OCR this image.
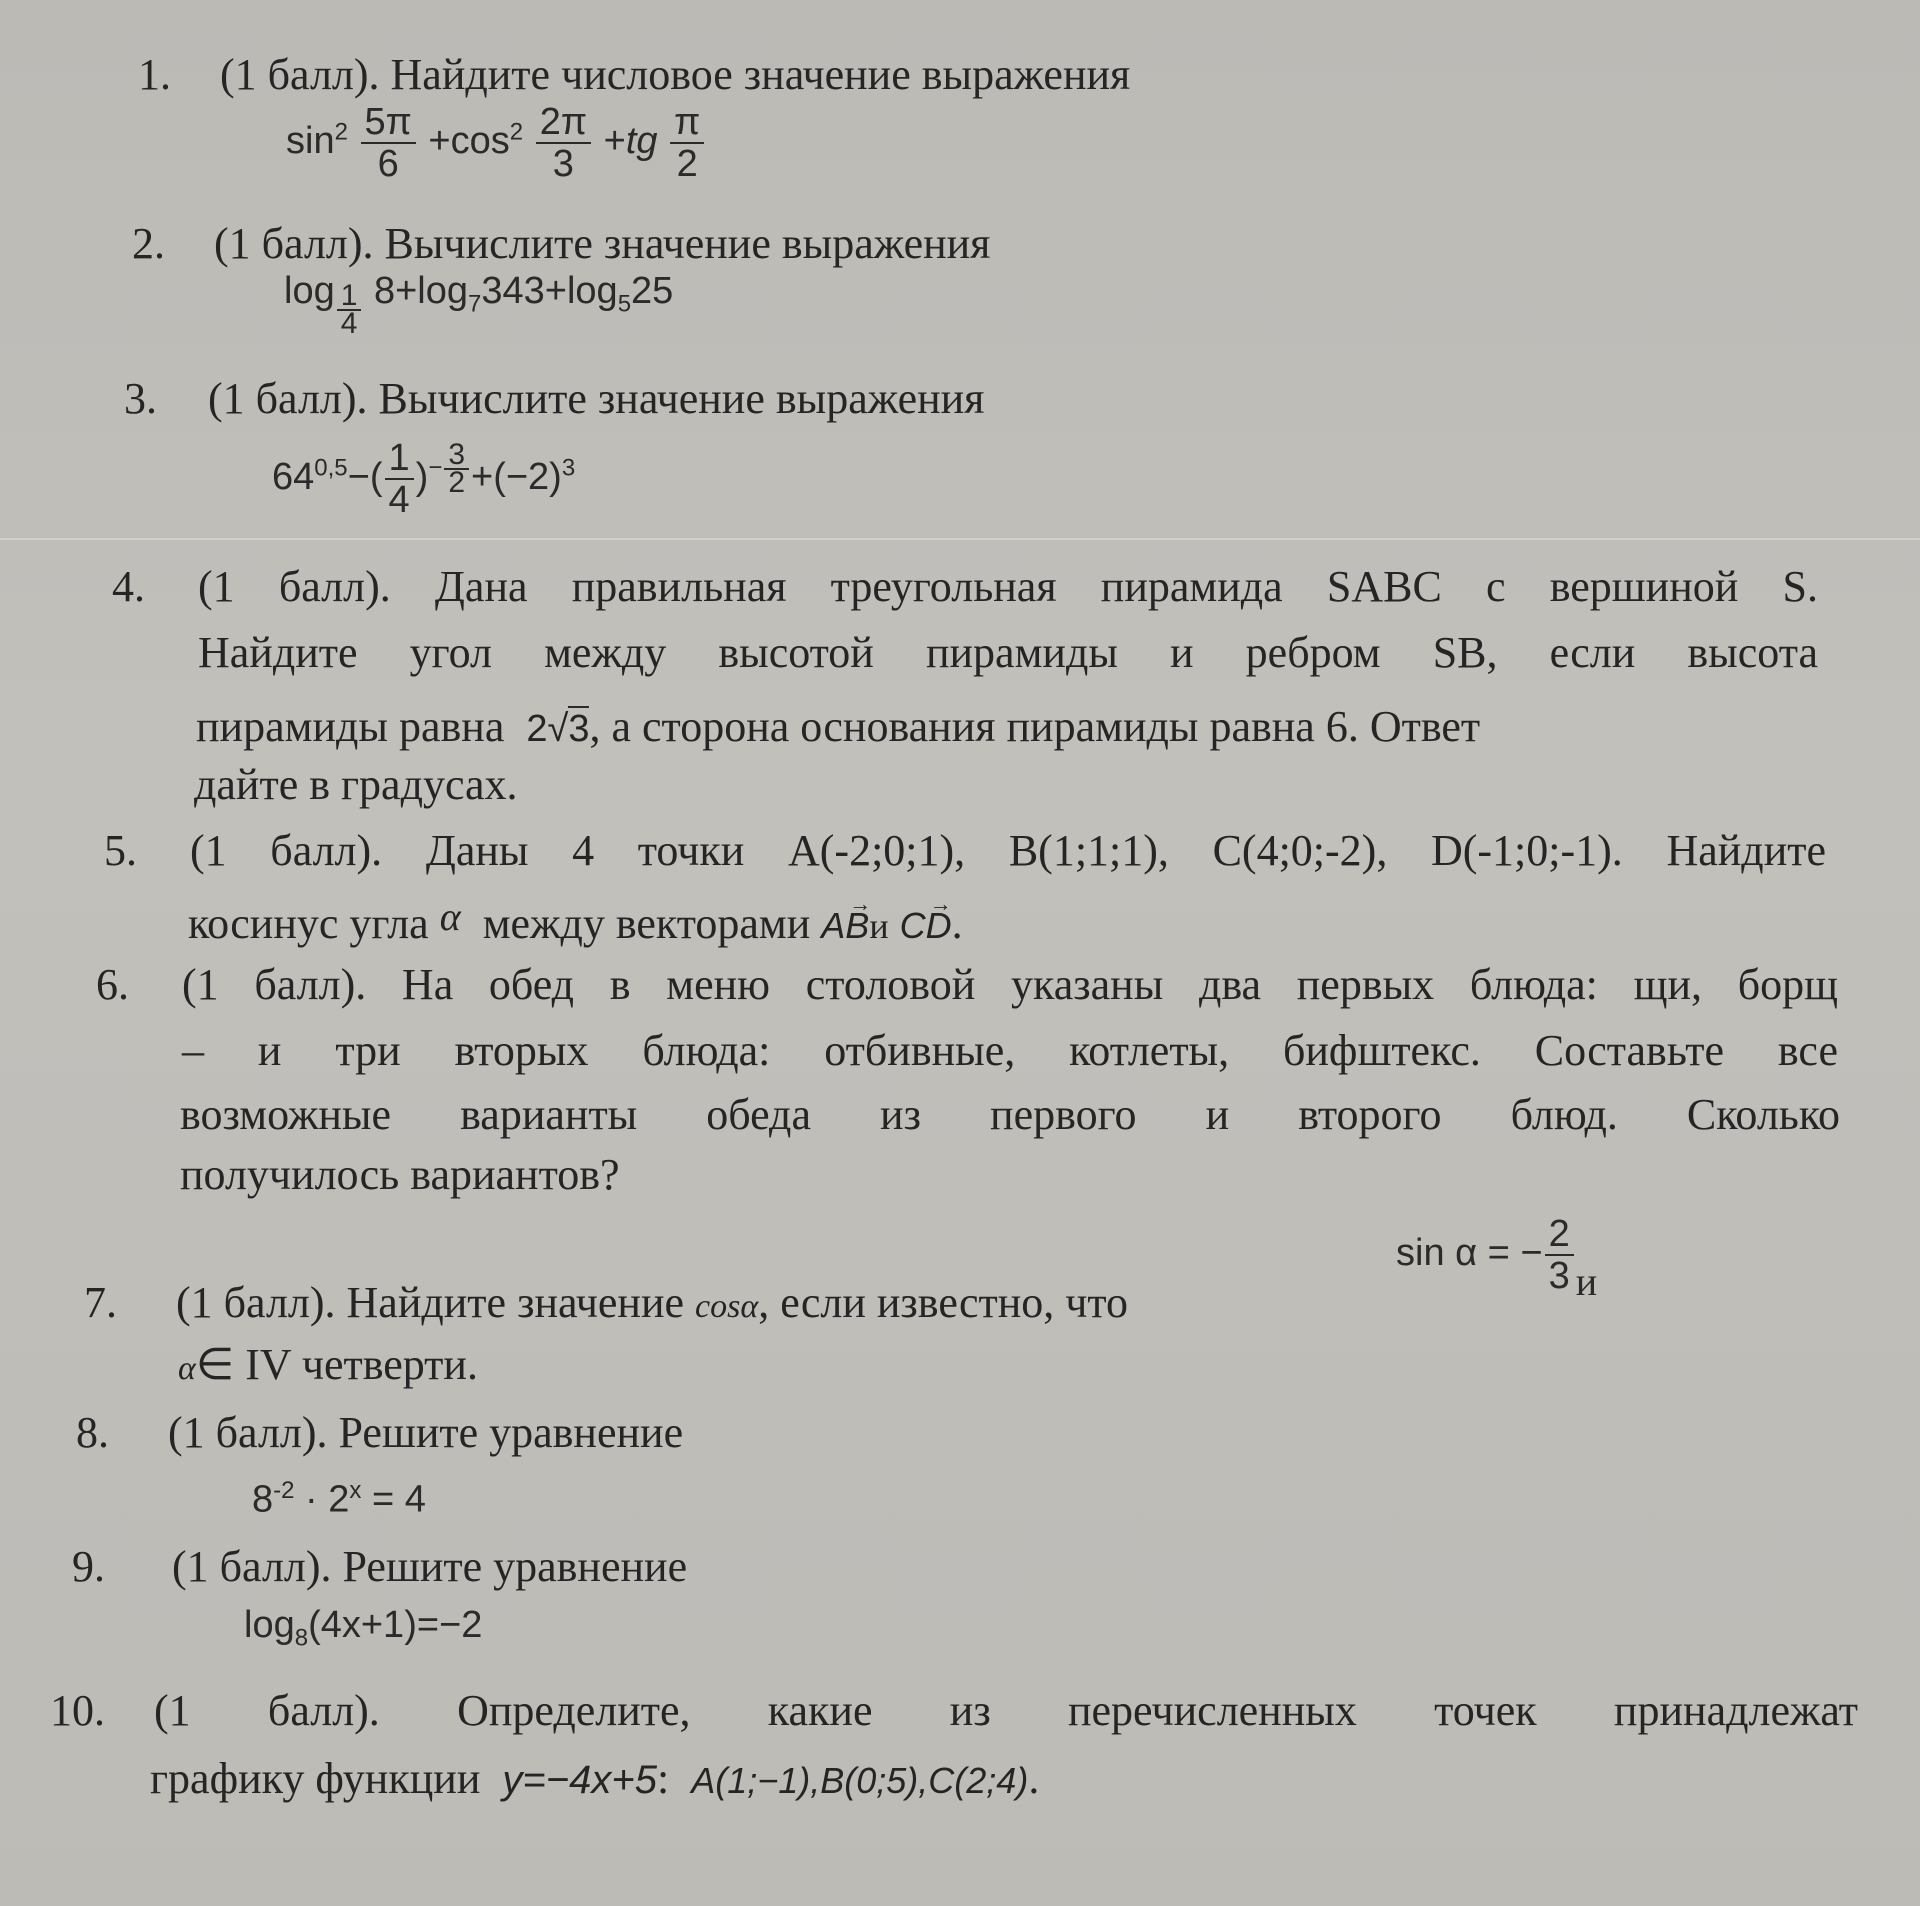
1. (1 балл). Найдите числовое значение выражения
$\sin^2 \frac{5\pi}{6} +\cos^2 \frac{2\pi}{3} +tg \frac{\pi}{2}$
2. (1 балл). Вычислите значение выражения
$\log \frac{1}{4} 8+\log_7343+\log_525$
3. (1 балл). Вычислите значение выражения
$64^{0,5}-( \frac{1}{4} )^{- \frac{3}{2}} +(-2)^3$
4. (1 балл). Дана правильная треугольная пирамида SABC с вершиной S.
Найдите угол между высотой пирамиды и ребром SB, если высота
пирамиды равна 2√3, а сторона основания пирамиды равна 6. Ответ
дайте в градусах.
5. (1 балл). Даны 4 точки A(-2;0;1), B(1;1;1), C(4;0;-2), D(-1;0;-1). Найдите
косинус угла α между векторами A→ Bи C→ D.
6. (1 балл). На обед в меню столовой указаны два первых блюда: щи, борщ
– и три вторых блюда: отбивные, котлеты, бифштекс. Составьте все
возможные варианты обеда из первого и второго блюд. Сколько
получилось вариантов?
7. (1 балл). Найдите значение cosα, если известно, что
sin α = − $\frac{2}{3}$ и
α∈ IV четверти.
8. (1 балл). Решите уравнение
$8^{-2} \cdot 2^x = 4$
9. (1 балл). Решите уравнение
$\log_8(4x+1)=-2$
10. (1 балл). Определите, какие из перечисленных точек принадлежат
графику функции y=−4x+5: A(1;−1),B(0;5),C(2;4).
